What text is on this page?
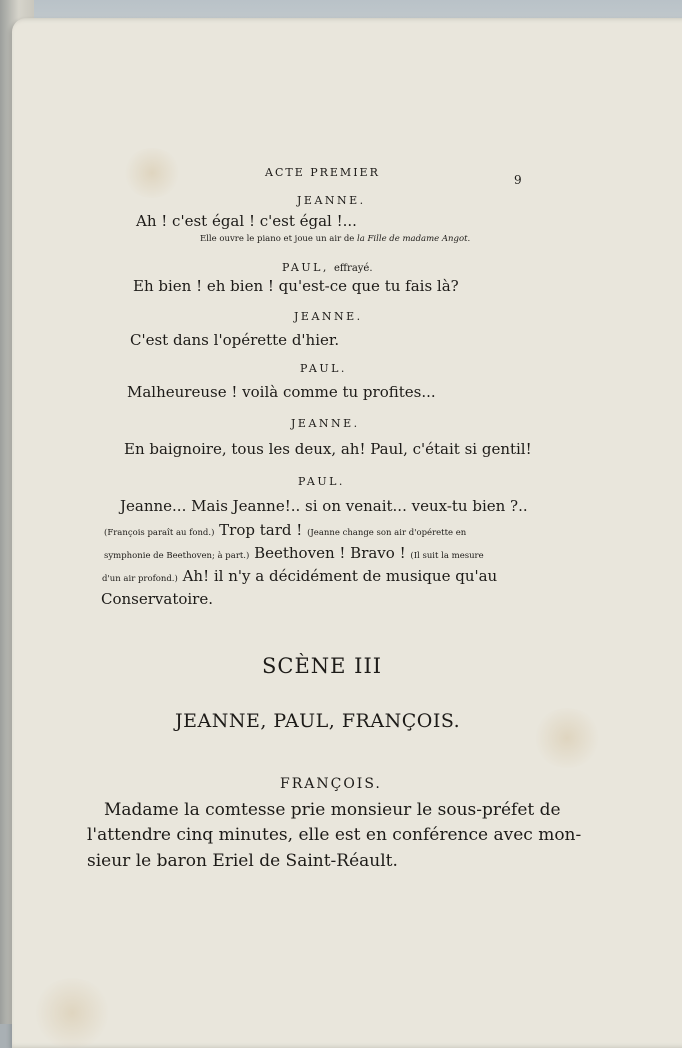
ACTE PREMIER
9
JEANNE.
Ah ! c'est égal ! c'est égal !...
Elle ouvre le piano et joue un air de la Fille de madame Angot.
PAUL, effrayé.
Eh bien ! eh bien ! qu'est-ce que tu fais là?
JEANNE.
C'est dans l'opérette d'hier.
PAUL.
Malheureuse ! voilà comme tu profites...
JEANNE.
En baignoire, tous les deux, ah! Paul, c'était si gentil!
PAUL.
Jeanne... Mais Jeanne!.. si on venait... veux-tu bien ?..
(François paraît au fond.) Trop tard ! (Jeanne change son air d'opérette en
symphonie de Beethoven; à part.) Beethoven ! Bravo ! (Il suit la mesure
d'un air profond.) Ah! il n'y a décidément de musique qu'au
Conservatoire.
SCÈNE III
JEANNE, PAUL, FRANÇOIS.
FRANÇOIS.
Madame la comtesse prie monsieur le sous-préfet de
l'attendre cinq minutes, elle est en conférence avec mon-
sieur le baron Eriel de Saint-Réault.
